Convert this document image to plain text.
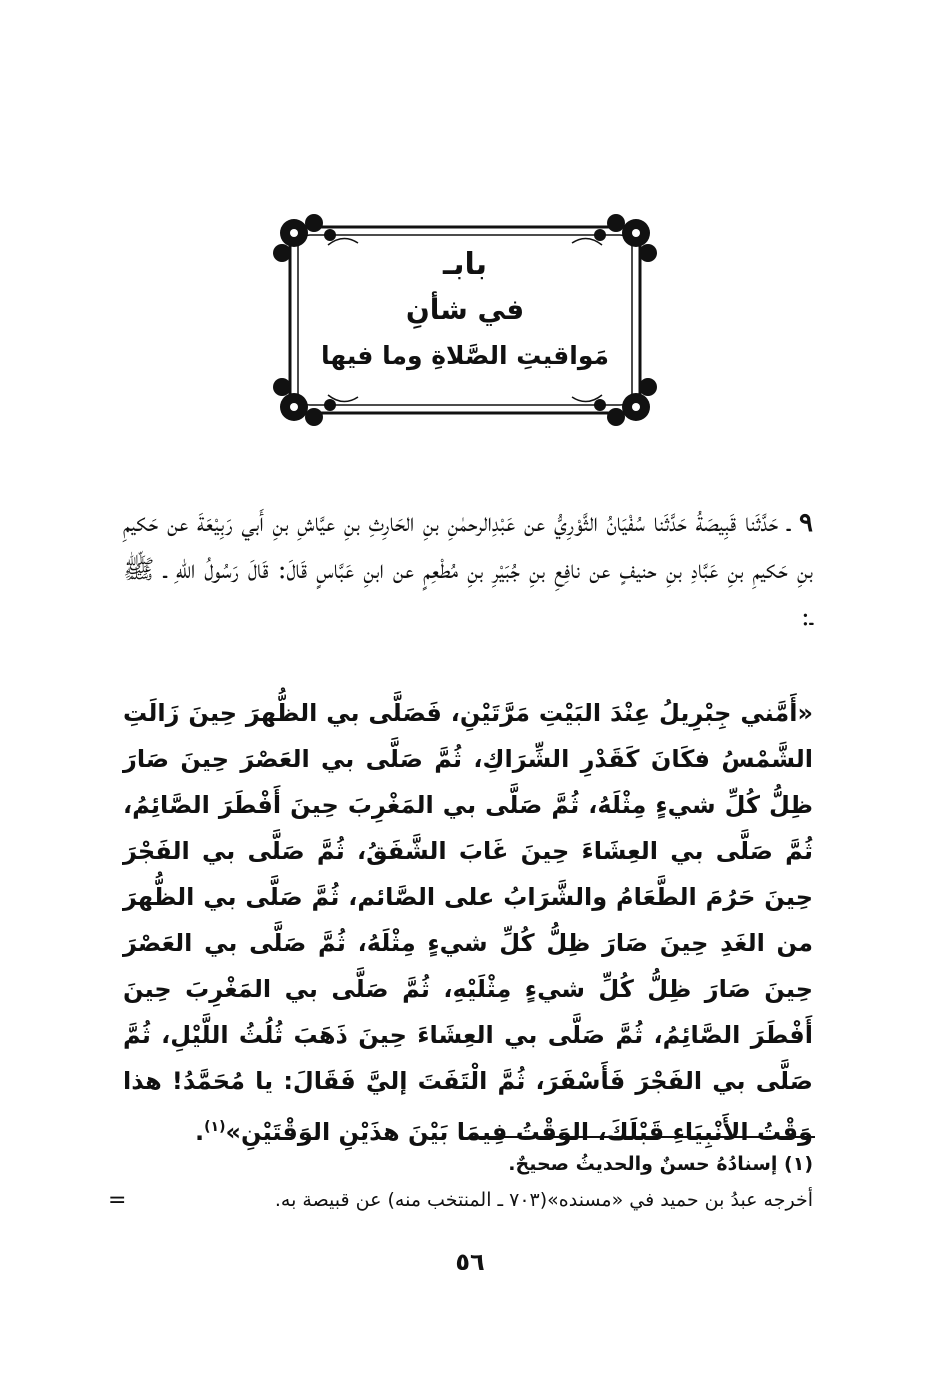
بابـ
في شأنِ
مَواقيتِ الصَّلاةِ وما فيها
٩ ـ حَدَّثَنا قَبِيصَةُ حَدَّثَنا سُفْيَانُ الثَّوْرِيُّ عن عَبْدِالرحمٰنِ بنِ الحَارِثِ بنِ عيَّاشِ بنِ أَبي رَبِيْعَةَ عن حَكيمِ بنِ حَكيمِ بنِ عَبَّادِ بنِ حنيفٍ عن نافِعِ بنِ جُبَيْرِ بنِ مُطْعِمٍ عن ابنِ عَبَّاسٍ قَالَ: قَالَ رَسُولُ اللّهِ ـ ﷺ ـ:
«أَمَّني جِبْرِيلُ عِنْدَ البَيْتِ مَرَّتَيْنِ، فَصَلَّى بي الظُّهرَ حِينَ زَالَتِ الشَّمْسُ فكَانَ كَقَدْرِ الشِّرَاكِ، ثُمَّ صَلَّى بي العَصْرَ حِينَ صَارَ ظِلُّ كُلِّ شيءٍ مِثْلَهُ، ثُمَّ صَلَّى بي المَغْرِبَ حِينَ أَفْطَرَ الصَّائِمُ، ثُمَّ صَلَّى بي العِشَاءَ حِينَ غَابَ الشَّفَقُ، ثُمَّ صَلَّى بي الفَجْرَ حِينَ حَرُمَ الطَّعَامُ والشَّرَابُ على الصَّائم، ثُمَّ صَلَّى بي الظُّهرَ من الغَدِ حِينَ صَارَ ظِلُّ كُلِّ شيءٍ مِثْلَهُ، ثُمَّ صَلَّى بي العَصْرَ حِينَ صَارَ ظِلُّ كُلِّ شيءٍ مِثْلَيْهِ، ثُمَّ صَلَّى بي المَغْرِبَ حِينَ أَفْطَرَ الصَّائِمُ، ثُمَّ صَلَّى بي العِشَاءَ حِينَ ذَهَبَ ثُلُثُ اللَّيْلِ، ثُمَّ صَلَّى بي الفَجْرَ فَأَسْفَرَ، ثُمَّ الْتَفَتَ إليَّ فَقَالَ: يا مُحَمَّدُ! هذا وَقْتُ الأَنْبِيَاءِ قَبْلَكَ، الوَقْتُ فِيمَا بَيْنَ هذَيْنِ الوَقْتَيْنِ»$^{(١)}$.
(١) إسنادُهُ حسنٌ والحديثُ صحيحٌ.
أخرجه عبدُ بن حميد في «مسنده»(٧٠٣ ـ المنتخب منه) عن قبيصة به.
=
٥٦
